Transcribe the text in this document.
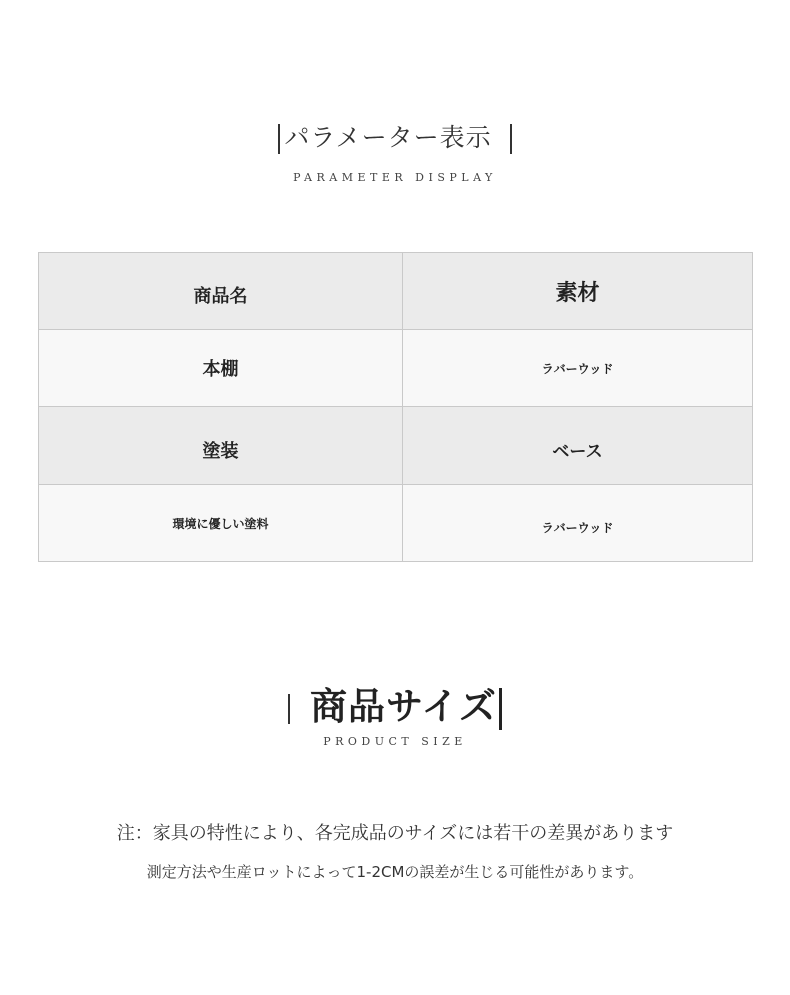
パラメーター表示
PARAMETER DISPLAY
商品名	素材
本棚	ラバーウッド
塗装	ベース
環境に優しい塗料	ラバーウッド
商品サイズ
PRODUCT SIZE
注：家具の特性により、各完成品のサイズには若干の差異があります
測定方法や生産ロットによって1-2CMの誤差が生じる可能性があります。
